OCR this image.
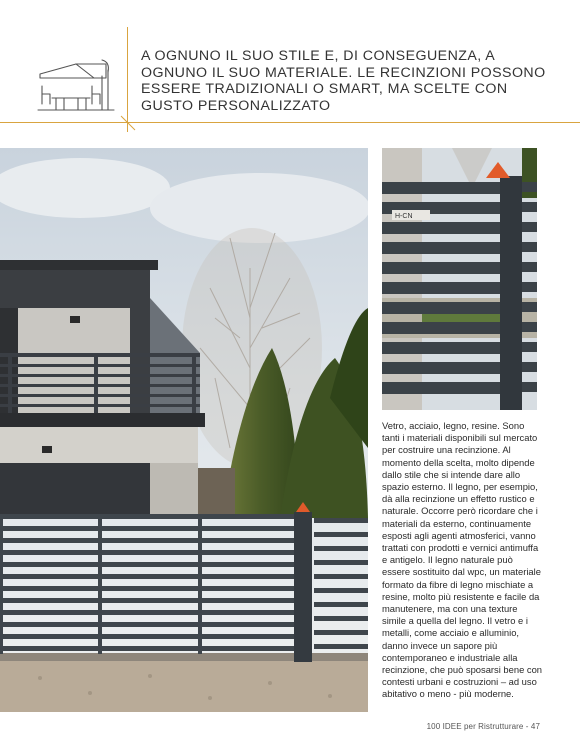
A OGNUNO IL SUO STILE E, DI CONSEGUENZA, A OGNUNO IL SUO MATERIALE. LE RECINZIONI POSSONO ESSERE TRADIZIONALI O SMART, MA SCELTE CON GUSTO PERSONALIZZATO
H-CN

Vetro, acciaio, legno, resine. Sono tanti i materiali disponibili sul mercato per costruire una recinzione. Al momento della scelta, molto dipende dallo stile che si intende dare allo spazio esterno. Il legno, per esempio, dà alla recinzione un effetto rustico e naturale. Occorre però ricordare che i materiali da esterno, continuamente esposti agli agenti atmosferici, vanno trattati con prodotti e vernici antimuffa e antigelo. Il legno naturale può essere sostituito dal wpc, un materiale formato da fibre di legno mischiate a resine, molto più resistente e facile da manutenere, ma con una texture simile a quella del legno. Il vetro e i metalli, come acciaio e alluminio, danno invece un sapore più contemporaneo e industriale alla recinzione, che può sposarsi bene con contesti urbani e costruzioni – ad uso abitativo o meno - più moderne.

100 IDEE per Ristrutturare - 47
